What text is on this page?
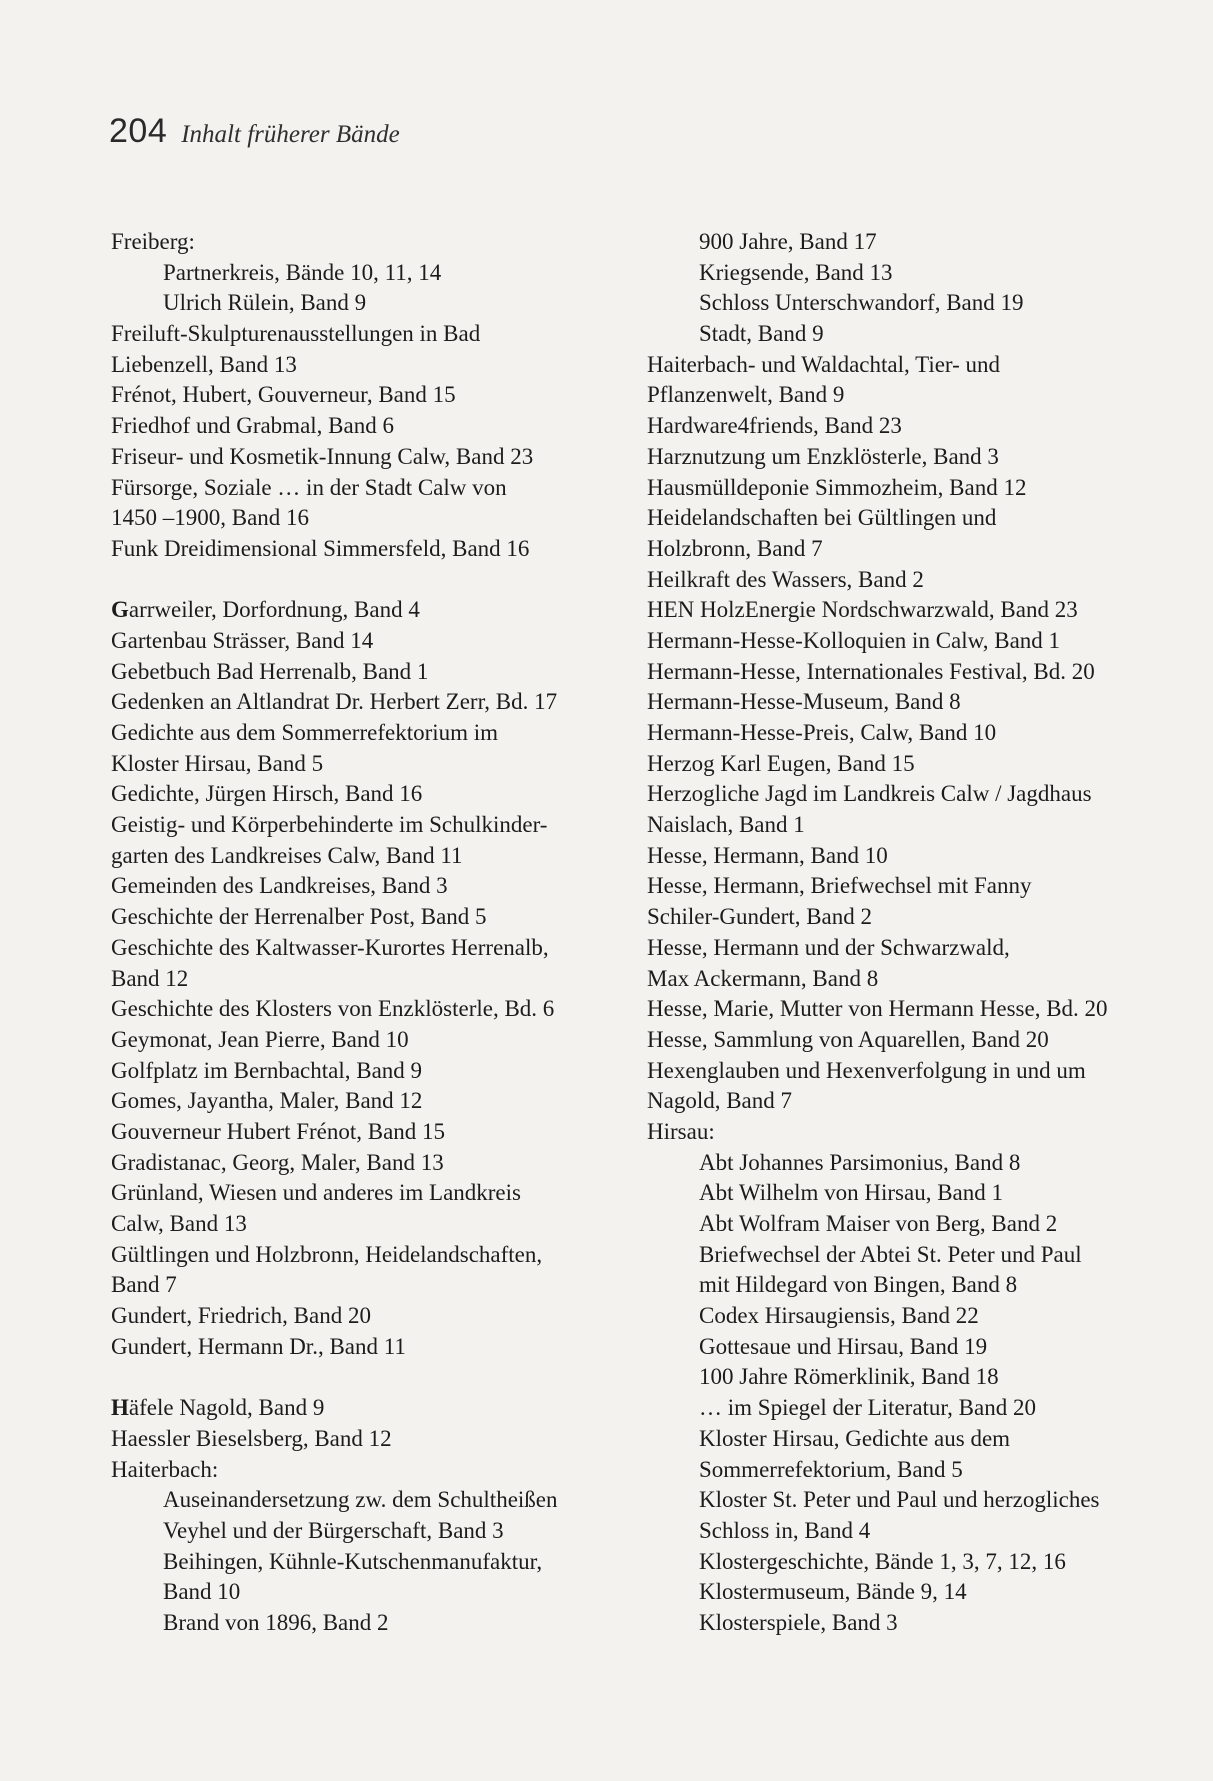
204 Inhalt früherer Bände
Freiberg:
Partnerkreis, Bände 10, 11, 14
Ulrich Rülein, Band 9
Freiluft-Skulpturenausstellungen in Bad
Liebenzell, Band 13
Frénot, Hubert, Gouverneur, Band 15
Friedhof und Grabmal, Band 6
Friseur- und Kosmetik-Innung Calw, Band 23
Fürsorge, Soziale … in der Stadt Calw von
1450 –1900, Band 16
Funk Dreidimensional Simmersfeld, Band 16
Garrweiler, Dorfordnung, Band 4
Gartenbau Strässer, Band 14
Gebetbuch Bad Herrenalb, Band 1
Gedenken an Altlandrat Dr. Herbert Zerr, Bd. 17
Gedichte aus dem Sommerrefektorium im
Kloster Hirsau, Band 5
Gedichte, Jürgen Hirsch, Band 16
Geistig- und Körperbehinderte im Schulkinder-
garten des Landkreises Calw, Band 11
Gemeinden des Landkreises, Band 3
Geschichte der Herrenalber Post, Band 5
Geschichte des Kaltwasser-Kurortes Herrenalb,
Band 12
Geschichte des Klosters von Enzklösterle, Bd. 6
Geymonat, Jean Pierre, Band 10
Golfplatz im Bernbachtal, Band 9
Gomes, Jayantha, Maler, Band 12
Gouverneur Hubert Frénot, Band 15
Gradistanac, Georg, Maler, Band 13
Grünland, Wiesen und anderes im Landkreis
Calw, Band 13
Gültlingen und Holzbronn, Heidelandschaften,
Band 7
Gundert, Friedrich, Band 20
Gundert, Hermann Dr., Band 11
Häfele Nagold, Band 9
Haessler Bieselsberg, Band 12
Haiterbach:
Auseinandersetzung zw. dem Schultheißen
Veyhel und der Bürgerschaft, Band 3
Beihingen, Kühnle-Kutschenmanufaktur,
Band 10
Brand von 1896, Band 2
900 Jahre, Band 17
Kriegsende, Band 13
Schloss Unterschwandorf, Band 19
Stadt, Band 9
Haiterbach- und Waldachtal, Tier- und
Pflanzenwelt, Band 9
Hardware4friends, Band 23
Harznutzung um Enzklösterle, Band 3
Hausmülldeponie Simmozheim, Band 12
Heidelandschaften bei Gültlingen und
Holzbronn, Band 7
Heilkraft des Wassers, Band 2
HEN HolzEnergie Nordschwarzwald, Band 23
Hermann-Hesse-Kolloquien in Calw, Band 1
Hermann-Hesse, Internationales Festival, Bd. 20
Hermann-Hesse-Museum, Band 8
Hermann-Hesse-Preis, Calw, Band 10
Herzog Karl Eugen, Band 15
Herzogliche Jagd im Landkreis Calw / Jagdhaus
Naislach, Band 1
Hesse, Hermann, Band 10
Hesse, Hermann, Briefwechsel mit Fanny
Schiler-Gundert, Band 2
Hesse, Hermann und der Schwarzwald,
Max Ackermann, Band 8
Hesse, Marie, Mutter von Hermann Hesse, Bd. 20
Hesse, Sammlung von Aquarellen, Band 20
Hexenglauben und Hexenverfolgung in und um
Nagold, Band 7
Hirsau:
Abt Johannes Parsimonius, Band 8
Abt Wilhelm von Hirsau, Band 1
Abt Wolfram Maiser von Berg, Band 2
Briefwechsel der Abtei St. Peter und Paul
mit Hildegard von Bingen, Band 8
Codex Hirsaugiensis, Band 22
Gottesaue und Hirsau, Band 19
100 Jahre Römerklinik, Band 18
… im Spiegel der Literatur, Band 20
Kloster Hirsau, Gedichte aus dem
Sommerrefektorium, Band 5
Kloster St. Peter und Paul und herzogliches
Schloss in, Band 4
Klostergeschichte, Bände 1, 3, 7, 12, 16
Klostermuseum, Bände 9, 14
Klosterspiele, Band 3
